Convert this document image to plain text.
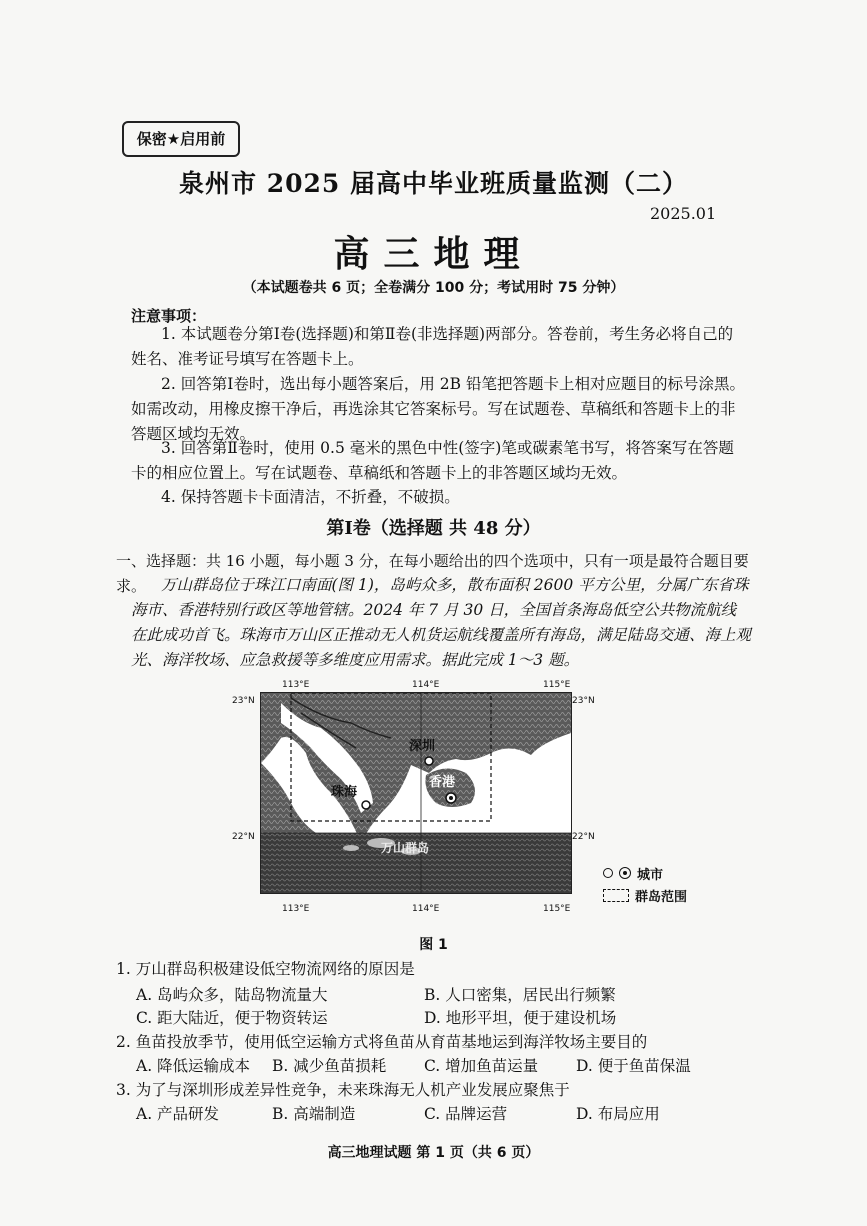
保密★启用前
泉州市 2025 届高中毕业班质量监测（二）
2025.01
高三地理
（本试题卷共 6 页；全卷满分 100 分；考试用时 75 分钟）
注意事项：
1. 本试题卷分第Ⅰ卷(选择题)和第Ⅱ卷(非选择题)两部分。答卷前，考生务必将自己的姓名、准考证号填写在答题卡上。
2. 回答第Ⅰ卷时，选出每小题答案后，用 2B 铅笔把答题卡上相对应题目的标号涂黑。如需改动，用橡皮擦干净后，再选涂其它答案标号。写在试题卷、草稿纸和答题卡上的非答题区域均无效。
3. 回答第Ⅱ卷时，使用 0.5 毫米的黑色中性(签字)笔或碳素笔书写，将答案写在答题卡的相应位置上。写在试题卷、草稿纸和答题卡上的非答题区域均无效。
4. 保持答题卡卡面清洁，不折叠，不破损。
第Ⅰ卷（选择题 共 48 分）
一、选择题：共 16 小题，每小题 3 分，在每小题给出的四个选项中，只有一项是最符合题目要求。 万山群岛位于珠江口南面(图 1)，岛屿众多，散布面积 2600 平方公里，分属广东省珠海市、香港特别行政区等地管辖。2024 年 7 月 30 日，全国首条海岛低空公共物流航线在此成功首飞。珠海市万山区正推动无人机货运航线覆盖所有海岛，满足陆岛交通、海上观光、海洋牧场、应急救援等多维度应用需求。据此完成 1～3 题。
113°E	114°E	115°E
23°N	23°N
22°N	22°N
113°E	114°E	115°E
深圳
珠海
香港
万山群岛
城市
群岛范围
图 1
1. 万山群岛积极建设低空物流网络的原因是
A. 岛屿众多，陆岛物流量大	B. 人口密集，居民出行频繁
C. 距大陆近，便于物资转运	D. 地形平坦，便于建设机场
2. 鱼苗投放季节，使用低空运输方式将鱼苗从育苗基地运到海洋牧场主要目的
A. 降低运输成本 B. 减少鱼苗损耗 C. 增加鱼苗运量 D. 便于鱼苗保温
3. 为了与深圳形成差异性竞争，未来珠海无人机产业发展应聚焦于
A. 产品研发	B. 高端制造	C. 品牌运营	D. 布局应用
高三地理试题 第 1 页（共 6 页）
